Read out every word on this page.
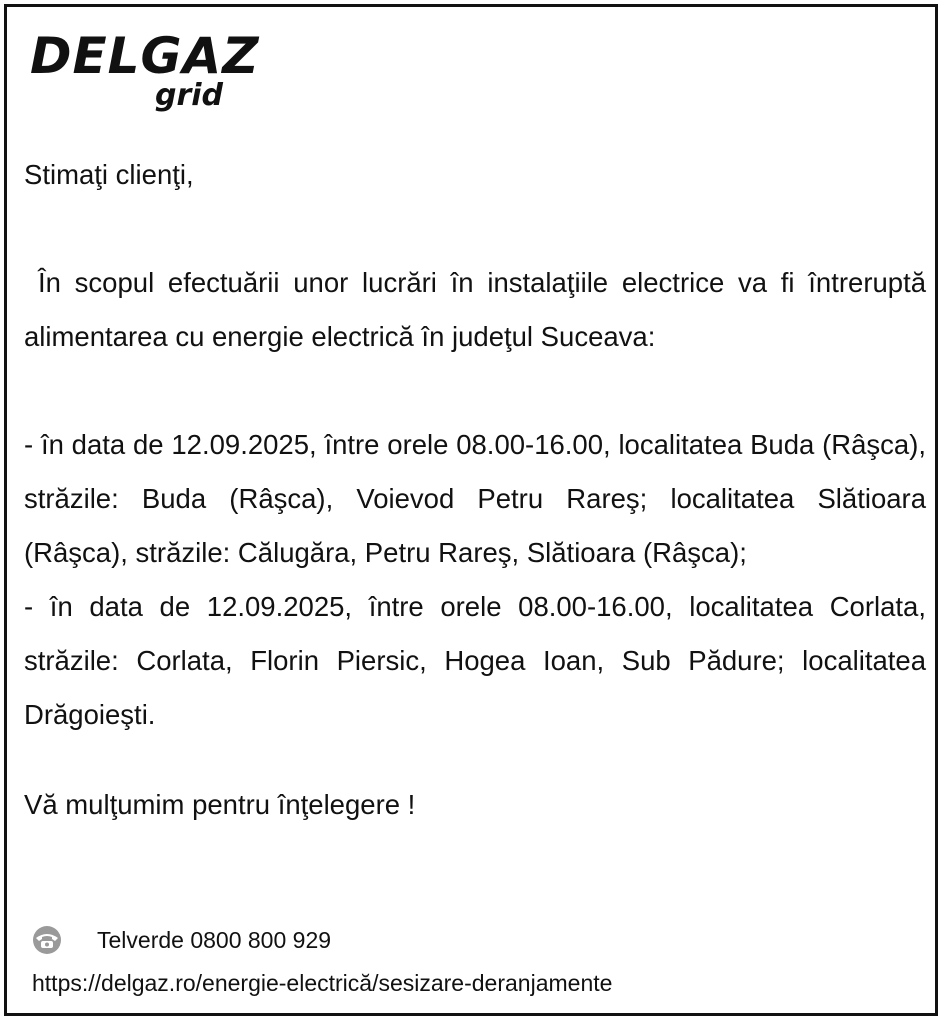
DELGAZ
grid

Stimaţi clienţi,

În scopul efectuării unor lucrări în instalaţiile electrice va fi întreruptă alimentarea cu energie electrică în judeţul Suceava:

- în data de 12.09.2025, între orele 08.00-16.00, localitatea Buda (Râşca), străzile: Buda (Râşca), Voievod Petru Rareş; localitatea Slătioara (Râşca), străzile: Călugăra, Petru Rareş, Slătioara (Râşca);

- în data de 12.09.2025, între orele 08.00-16.00, localitatea Corlata, străzile: Corlata, Florin Piersic, Hogea Ioan, Sub Pădure; localitatea Drăgoieşti.

Vă mulţumim pentru înţelegere !

Telverde 0800 800 929
https://delgaz.ro/energie-electrică/sesizare-deranjamente
